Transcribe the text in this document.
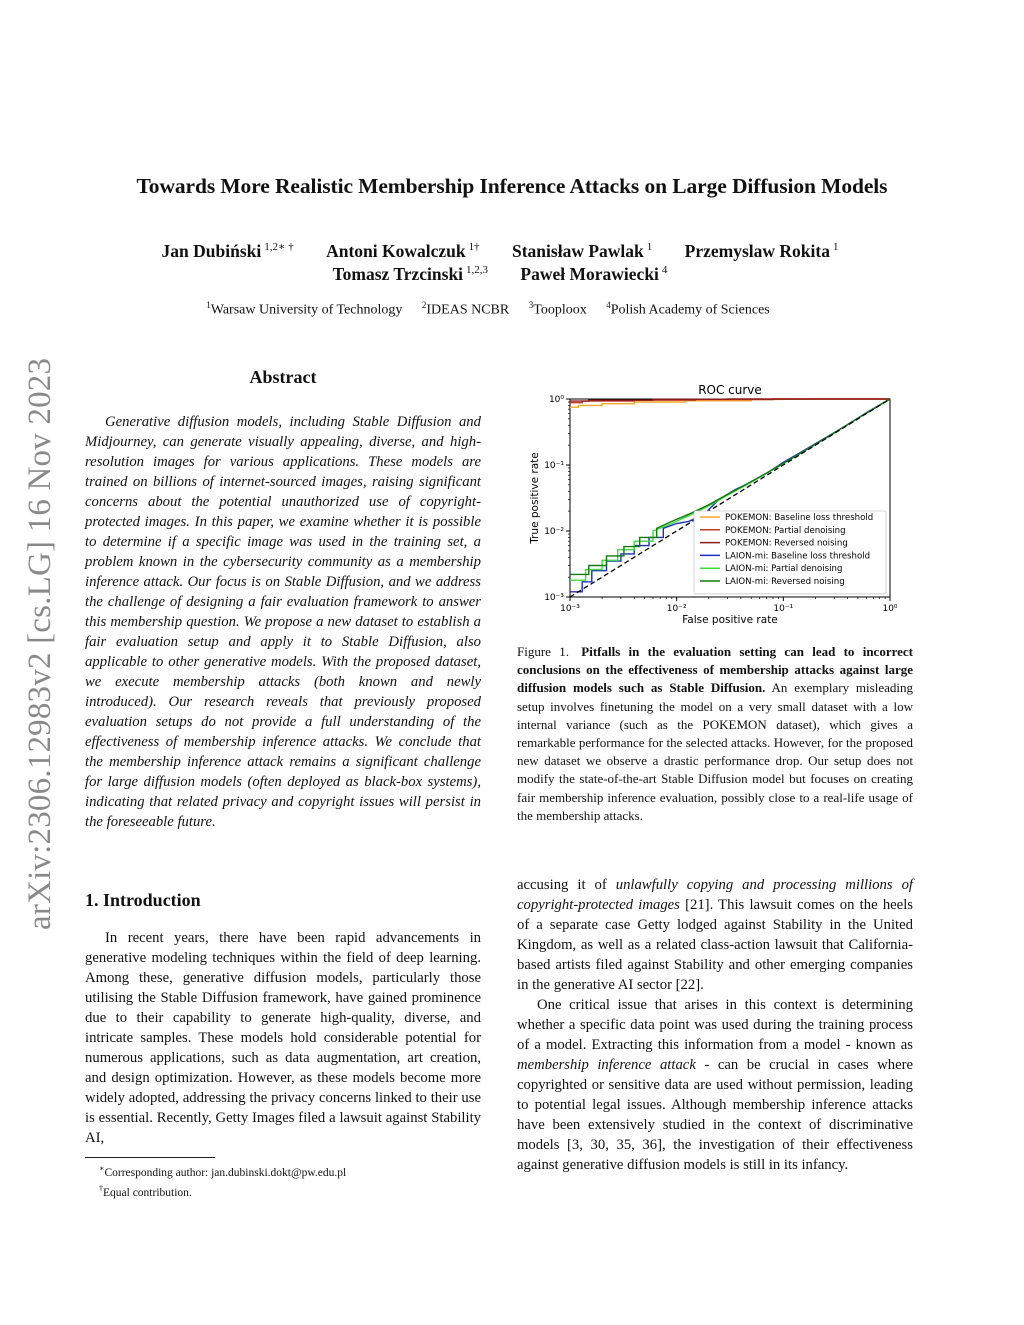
Towards More Realistic Membership Inference Attacks on Large Diffusion Models
Jan Dubiński $^{1,2∗ \dagger}$ Antoni Kowalczuk $^{1\dagger}$ Stanisław Pawlak $^1$ Przemyslaw Rokita $^1$
Tomasz Trzcinski $^{1,2,3}$ Paweł Morawiecki $^4$
$^1$Warsaw University of Technology $^2$IDEAS NCBR $^3$Tooploox $^4$Polish Academy of Sciences
arXiv:2306.12983v2 [cs.LG] 16 Nov 2023	Abstract
Generative diffusion models, including Stable Diffusion and Midjourney, can generate visually appealing, diverse, and high-resolution images for various applications. These models are trained on billions of internet-sourced images, raising significant concerns about the potential unauthorized use of copyright-protected images. In this paper, we examine whether it is possible to determine if a specific image was used in the training set, a problem known in the cybersecurity community as a membership inference attack. Our focus is on Stable Diffusion, and we address the challenge of designing a fair evaluation framework to answer this membership question. We propose a new dataset to establish a fair evaluation setup and apply it to Stable Diffusion, also applicable to other generative models. With the proposed dataset, we execute membership attacks (both known and newly introduced). Our research reveals that previously proposed evaluation setups do not provide a full understanding of the effectiveness of membership inference attacks. We conclude that the membership inference attack remains a significant challenge for large diffusion models (often deployed as black-box systems), indicating that related privacy and copyright issues will persist in the foreseeable future.
1. Introduction
In recent years, there have been rapid advancements in generative modeling techniques within the field of deep learning. Among these, generative diffusion models, particularly those utilising the Stable Diffusion framework, have gained prominence due to their capability to generate high-quality, diverse, and intricate samples. These models hold considerable potential for numerous applications, such as data augmentation, art creation, and design optimization. However, as these models become more widely adopted, addressing the privacy concerns linked to their use is essential. Recently, Getty Images filed a lawsuit against Stability AI,
∗Corresponding author: jan.dubinski.dokt@pw.edu.pl
†Equal contribution.
10⁻³
10⁻³
10⁻²
10⁻²
10⁻¹
10⁻¹
10⁰
10⁰
ROC curve
False positive rate
True positive rate	POKEMON: Baseline loss threshold
POKEMON: Partial denoising
POKEMON: Reversed noising
LAION-mi: Baseline loss threshold
LAION-mi: Partial denoising
LAION-mi: Reversed noising
Figure 1. Pitfalls in the evaluation setting can lead to incorrect conclusions on the effectiveness of membership attacks against large diffusion models such as Stable Diffusion. An exemplary misleading setup involves finetuning the model on a very small dataset with a low internal variance (such as the POKEMON dataset), which gives a remarkable performance for the selected attacks. However, for the proposed new dataset we observe a drastic performance drop. Our setup does not modify the state-of-the-art Stable Diffusion model but focuses on creating fair membership inference evaluation, possibly close to a real-life usage of the membership attacks.

accusing it of unlawfully copying and processing millions of copyright-protected images [21]. This lawsuit comes on the heels of a separate case Getty lodged against Stability in the United Kingdom, as well as a related class-action lawsuit that California-based artists filed against Stability and other emerging companies in the generative AI sector [22].

One critical issue that arises in this context is determining whether a specific data point was used during the training process of a model. Extracting this information from a model - known as membership inference attack - can be crucial in cases where copyrighted or sensitive data are used without permission, leading to potential legal issues. Although membership inference attacks have been extensively studied in the context of discriminative models [3, 30, 35, 36], the investigation of their effectiveness against generative diffusion models is still in its infancy.
